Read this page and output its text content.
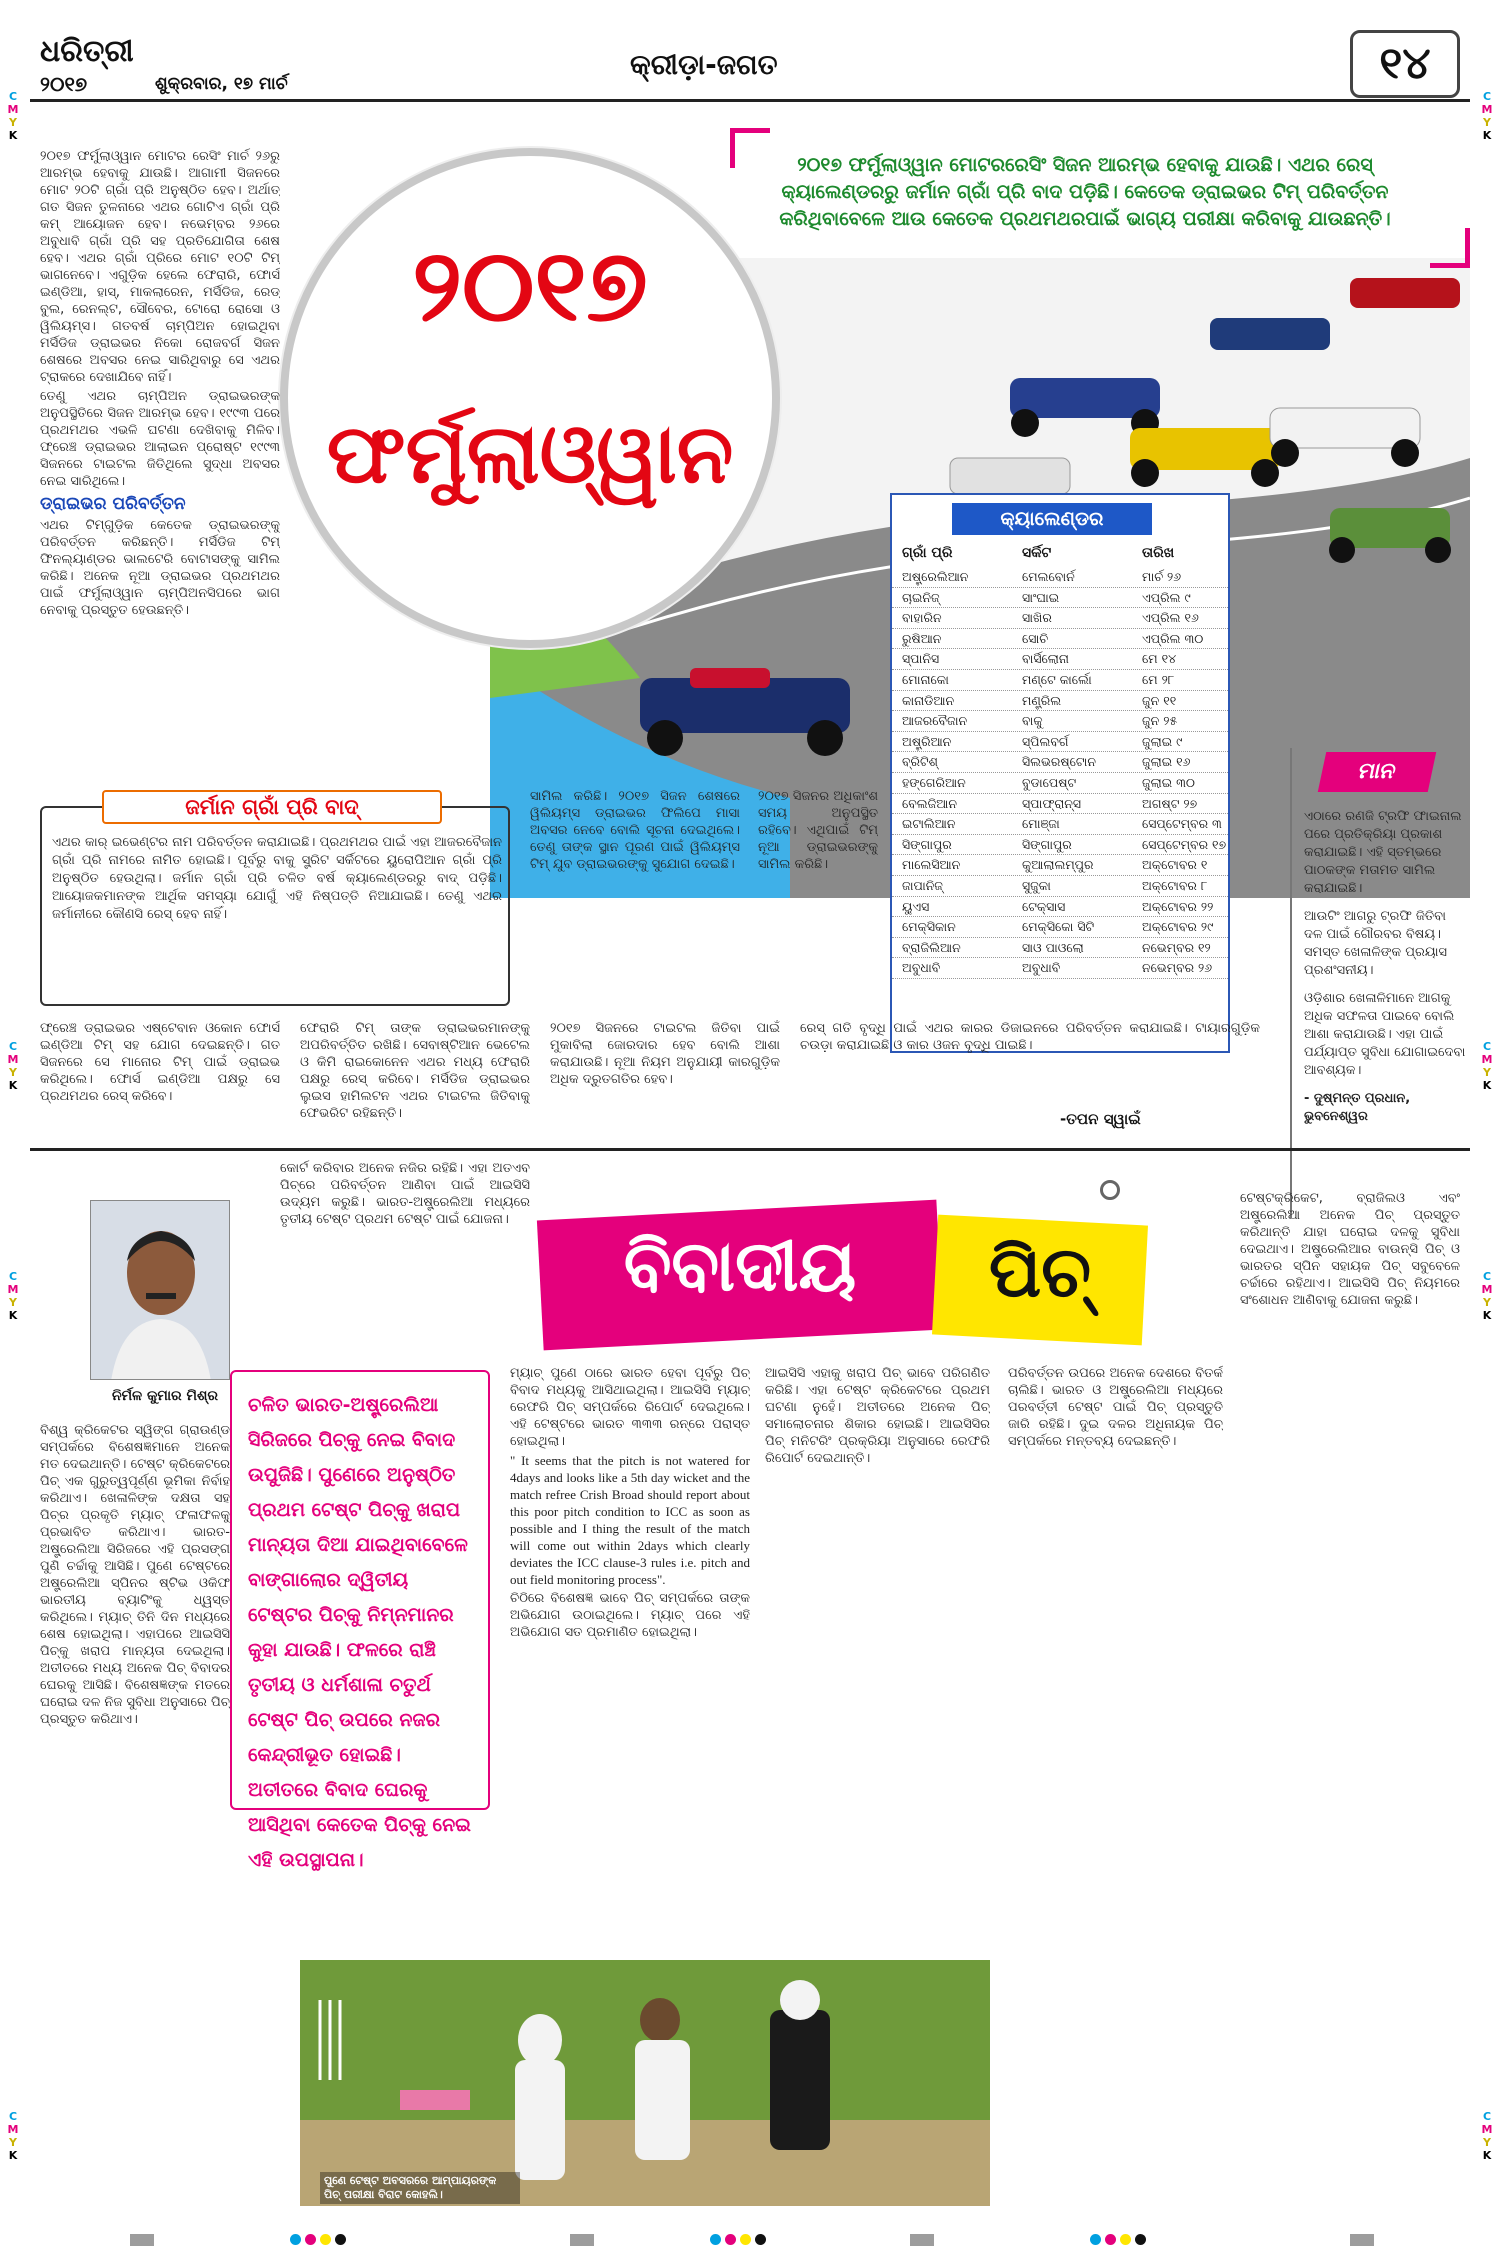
ଧରିତ୍ରୀ
୨୦୧୭	ଶୁକ୍ରବାର, ୧୭ ମାର୍ଚ
କ୍ରୀଡ଼ା-ଜଗତ	୧୪
C
M
Y
K
C
M
Y
K
C
M
Y
K
C
M
Y
K
C
M
Y
K
C
M
Y
K
C
M
Y
K
C
M
Y
K
୨୦୧୭
ଫର୍ମୁଲାଓ୍ୱାନ
୨୦୧୭ ଫର୍ମୁଲାଓ୍ୱାନ ମୋଟରରେସିଂ ସିଜନ ଆରମ୍ଭ ହେବାକୁ ଯାଉଛି। ଏଥର ରେସ୍ କ୍ୟାଲେଣ୍ଡରରୁ ଜର୍ମାନ ଗ୍ରାଁ ପ୍ରି ବାଦ ପଡ଼ିଛି। କେତେକ ଡ୍ରାଇଭର ଟିମ୍ ପରିବର୍ତ୍ତନ କରିଥିବାବେଳେ ଆଉ କେତେକ ପ୍ରଥମଥରପାଇଁ ଭାଗ୍ୟ ପରୀକ୍ଷା କରିବାକୁ ଯାଉଛନ୍ତି।

୨୦୧୭ ଫର୍ମୁଲାଓ୍ୱାନ ମୋଟର ରେସିଂ ମାର୍ଚ ୨୬ରୁ ଆରମ୍ଭ ହେବାକୁ ଯାଉଛି। ଆଗାମୀ ସିଜନରେ ମୋଟ ୨୦ଟି ଗ୍ରାଁ ପ୍ରି ଅନୁଷ୍ଠିତ ହେବ। ଅର୍ଥାତ୍ ଗତ ସିଜନ ତୁଳନାରେ ଏଥର ଗୋଟିଏ ଗ୍ରାଁ ପ୍ରି କମ୍ ଆୟୋଜନ ହେବ। ନଭେମ୍ବର ୨୬ରେ ଅବୁଧାବି ଗ୍ରାଁ ପ୍ରି ସହ ପ୍ରତିଯୋଗିତା ଶେଷ ହେବ। ଏଥର ଗ୍ରାଁ ପ୍ରିରେ ମୋଟ ୧୦ଟି ଟିମ୍ ଭାଗନେବେ। ଏଗୁଡ଼ିକ ହେଲେ ଫେରାରି, ଫୋର୍ସ ଇଣ୍ଡିଆ, ହାସ୍, ମାକଲାରେନ, ମର୍ସିଡିଜ, ରେଡ୍ ବୁଲ, ରେନଲ୍ଟ, ସୌବେର, ଟୋରୋ ରୋସୋ ଓ ୱିଲିୟମ୍ସ। ଗତବର୍ଷ ଚାମ୍ପିଅନ ହୋଇଥିବା ମର୍ସିଡିଜ ଡ୍ରାଇଭର ନିକୋ ରୋଜବର୍ଗ ସିଜନ ଶେଷରେ ଅବସର ନେଇ ସାରିଥିବାରୁ ସେ ଏଥର ଟ୍ରାକରେ ଦେଖାଯିବେ ନାହିଁ।

ତେଣୁ ଏଥର ଚାମ୍ପିଅନ ଡ୍ରାଇଭରଙ୍କ ଅନୁପସ୍ଥିତିରେ ସିଜନ ଆରମ୍ଭ ହେବ। ୧୯୯୩ ପରେ ପ୍ରଥମଥର ଏଭଳି ଘଟଣା ଦେଖିବାକୁ ମିଳିବ। ଫ୍ରେଞ୍ଚ ଡ୍ରାଇଭର ଆଲାଇନ ପ୍ରୋଷ୍ଟ ୧୯୯୩ ସିଜନରେ ଟାଇଟଲ ଜିତିଥିଲେ ସୁଦ୍ଧା ଅବସର ନେଇ ସାରିଥିଲେ।

ଡ୍ରାଇଭର ପରିବର୍ତ୍ତନ

ଏଥର ଟିମ୍‌ଗୁଡ଼ିକ କେତେକ ଡ୍ରାଇଭରଙ୍କୁ ପରିବର୍ତ୍ତନ କରିଛନ୍ତି। ମର୍ସିଡିଜ ଟିମ୍ ଫିନଲ୍ୟାଣ୍ଡର ଭାଲଟେରି ବୋଟାସଙ୍କୁ ସାମିଲ କରିଛି। ଅନେକ ନୂଆ ଡ୍ରାଇଭର ପ୍ରଥମଥର ପାଇଁ ଫର୍ମୁଲାଓ୍ୱାନ ଚାମ୍ପିଅନସିପରେ ଭାଗ ନେବାକୁ ପ୍ରସ୍ତୁତ ହେଉଛନ୍ତି।

ଜର୍ମାନ ଗ୍ରାଁ ପ୍ରି ବାଦ୍
ଏଥର କାର୍ ଇଭେଣ୍ଟର ନାମ ପରିବର୍ତ୍ତନ କରାଯାଇଛି। ପ୍ରଥମଥର ପାଇଁ ଏହା ଆଜରବୈଜାନ ଗ୍ରାଁ ପ୍ରି ନାମରେ ନାମିତ ହୋଇଛି। ପୂର୍ବରୁ ବାକୁ ସ୍ଟ୍ରିଟ ସର୍କିଟରେ ୟୁରୋପିଆନ ଗ୍ରାଁ ପ୍ରି ଅନୁଷ୍ଠିତ ହେଉଥିଲା। ଜର୍ମାନ ଗ୍ରାଁ ପ୍ରି ଚଳିତ ବର୍ଷ କ୍ୟାଲେଣ୍ଡରରୁ ବାଦ୍ ପଡ଼ିଛି। ଆୟୋଜକମାନଙ୍କ ଆର୍ଥିକ ସମସ୍ୟା ଯୋଗୁଁ ଏହି ନିଷ୍ପତ୍ତି ନିଆଯାଇଛି। ତେଣୁ ଏଥର ଜର୍ମାନୀରେ କୌଣସି ରେସ୍ ହେବ ନାହିଁ।

ସାମିଲ କରିଛି। ୨୦୧୭ ସିଜନ ଶେଷରେ ୱିଲିୟମ୍ସ ଡ୍ରାଇଭର ଫିଲିପେ ମାସା ଅବସର ନେବେ ବୋଲି ସୂଚନା ଦେଇଥିଲେ। ତେଣୁ ତାଙ୍କ ସ୍ଥାନ ପୂରଣ ପାଇଁ ୱିଲିୟମ୍ସ ଟିମ୍ ଯୁବ ଡ୍ରାଇଭରଙ୍କୁ ସୁଯୋଗ ଦେଇଛି।

୨୦୧୭ ସିଜନର ଅଧିକାଂଶ ସମୟ ଅନୁପସ୍ଥିତ ରହିବେ। ଏଥିପାଇଁ ଟିମ୍ ନୂଆ ଡ୍ରାଇଭରଙ୍କୁ ସାମିଲ କରିଛି।

କ୍ୟାଲେଣ୍ଡର
ଗ୍ରାଁ ପ୍ରି	ସର୍କିଟ	ତାରିଖ
ଅଷ୍ଟ୍ରେଲିଆନ	ମେଲବୋର୍ନ	ମାର୍ଚ ୨୬
ଚାଇନିଜ୍	ସାଂଘାଇ	ଏପ୍ରିଲ ୯
ବାହାରିନ	ସାଖିର	ଏପ୍ରିଲ ୧୬
ରୁଷିଆନ	ସୋଚି	ଏପ୍ରିଲ ୩୦
ସ୍ପାନିସ	ବାର୍ସିଲୋନା	ମେ ୧୪
ମୋନାକୋ	ମଣ୍ଟେ କାର୍ଲୋ	ମେ ୨୮
କାନାଡିଆନ	ମଣ୍ଟ୍ରିଲ	ଜୁନ ୧୧
ଆଜରବୈଜାନ	ବାକୁ	ଜୁନ ୨୫
ଅଷ୍ଟ୍ରିଆନ	ସ୍ପିଲବର୍ଗ	ଜୁଲାଇ ୯
ବ୍ରିଟିଶ୍	ସିଲଭରଷ୍ଟୋନ	ଜୁଲାଇ ୧୬
ହଙ୍ଗେରିଆନ	ବୁଡାପେଷ୍ଟ	ଜୁଲାଇ ୩୦
ବେଲଜିଆନ	ସ୍ପାଫ୍ରାନ୍ସ	ଅଗଷ୍ଟ ୨୭
ଇଟାଲିଆନ	ମୋଞ୍ଜା	ସେପ୍ଟେମ୍ବର ୩
ସିଙ୍ଗାପୁର	ସିଙ୍ଗାପୁର	ସେପ୍ଟେମ୍ବର ୧୭
ମାଲେସିଆନ	କୁଆଲାଲମ୍ପୁର	ଅକ୍ଟୋବର ୧
ଜାପାନିଜ୍	ସୁଜୁକା	ଅକ୍ଟୋବର ୮
ୟୁଏସ	ଟେକ୍ସାସ	ଅକ୍ଟୋବର ୨୨
ମେକ୍ସିକାନ	ମେକ୍ସିକୋ ସିଟି	ଅକ୍ଟୋବର ୨୯
ବ୍ରାଜିଲିଆନ	ସାଓ ପାଓଲୋ	ନଭେମ୍ବର ୧୨
ଅବୁଧାବି	ଅବୁଧାବି	ନଭେମ୍ବର ୨୬
ମାନ

ଏଠାରେ ରଣଜି ଟ୍ରଫି ଫାଇନାଲ ପରେ ପ୍ରତିକ୍ରିୟା ପ୍ରକାଶ କରାଯାଇଛି। ଏହି ସ୍ତମ୍ଭରେ ପାଠକଙ୍କ ମତାମତ ସାମିଲ କରାଯାଇଛି।

ଆଉଟିଂ ଆଗରୁ ଟ୍ରଫି ଜିତିବା ଦଳ ପାଇଁ ଗୌରବର ବିଷୟ। ସମସ୍ତ ଖେଳାଳିଙ୍କ ପ୍ରୟାସ ପ୍ରଶଂସନୀୟ।

ଓଡ଼ିଶାର ଖେଳାଳିମାନେ ଆଗକୁ ଅଧିକ ସଫଳତା ପାଇବେ ବୋଲି ଆଶା କରାଯାଉଛି। ଏହା ପାଇଁ ପର୍ଯ୍ୟାପ୍ତ ସୁବିଧା ଯୋଗାଇଦେବା ଆବଶ୍ୟକ।

- ଦୁଷ୍ମନ୍ତ ପ୍ରଧାନ, ଭୁବନେଶ୍ୱର

ଫ୍ରେଞ୍ଚ ଡ୍ରାଇଭର ଏଷ୍ଟେବାନ ଓକୋନ ଫୋର୍ସ ଇଣ୍ଡିଆ ଟିମ୍ ସହ ଯୋଗ ଦେଇଛନ୍ତି। ଗତ ସିଜନରେ ସେ ମାନୋର ଟିମ୍ ପାଇଁ ଡ୍ରାଇଭ କରିଥିଲେ। ଫୋର୍ସ ଇଣ୍ଡିଆ ପକ୍ଷରୁ ସେ ପ୍ରଥମଥର ରେସ୍ କରିବେ।

ଫେରାରି ଟିମ୍ ତାଙ୍କ ଡ୍ରାଇଭରମାନଙ୍କୁ ଅପରିବର୍ତ୍ତିତ ରଖିଛି। ସେବାଷ୍ଟିଆନ ଭେଟେଲ ଓ କିମି ରାଇକୋନେନ ଏଥର ମଧ୍ୟ ଫେରାରି ପକ୍ଷରୁ ରେସ୍ କରିବେ। ମର୍ସିଡିଜ ଡ୍ରାଇଭର ଲୁଇସ ହାମିଲଟନ ଏଥର ଟାଇଟଲ ଜିତିବାକୁ ଫେଭରିଟ ରହିଛନ୍ତି।

୨୦୧୭ ସିଜନରେ ଟାଇଟଲ ଜିତିବା ପାଇଁ ମୁକାବିଲା ଜୋରଦାର ହେବ ବୋଲି ଆଶା କରାଯାଉଛି। ନୂଆ ନିୟମ ଅନୁଯାୟୀ କାରଗୁଡ଼ିକ ଅଧିକ ଦ୍ରୁତଗତିର ହେବ।

ରେସ୍ ଗତି ବୃଦ୍ଧି ପାଇଁ ଏଥର କାରର ଡିଜାଇନରେ ପରିବର୍ତ୍ତନ କରାଯାଇଛି। ଟାୟାରଗୁଡ଼ିକ ଚଉଡ଼ା କରାଯାଇଛି ଓ କାର ଓଜନ ବୃଦ୍ଧି ପାଇଛି।

-ତପନ ସ୍ୱାଇଁ
ନିର୍ମଳ କୁମାର ମିଶ୍ର

ବିଶ୍ୱ କ୍ରିକେଟର ସ୍ୱିଙ୍ଗ ଗ୍ରାଉଣ୍ଡ ସମ୍ପର୍କରେ ବିଶେଷଜ୍ଞମାନେ ଅନେକ ମତ ଦେଇଥାନ୍ତି। ଟେଷ୍ଟ କ୍ରିକେଟରେ ପିଚ୍ ଏକ ଗୁରୁତ୍ୱପୂର୍ଣ୍ଣ ଭୂମିକା ନିର୍ବାହ କରିଥାଏ। ଖେଳାଳିଙ୍କ ଦକ୍ଷତା ସହ ପିଚ୍‌ର ପ୍ରକୃତି ମ୍ୟାଚ୍ ଫଳାଫଳକୁ ପ୍ରଭାବିତ କରିଥାଏ। ଭାରତ-ଅଷ୍ଟ୍ରେଲିଆ ସିରିଜରେ ଏହି ପ୍ରସଙ୍ଗ ପୁଣି ଚର୍ଚ୍ଚାକୁ ଆସିଛି। ପୁଣେ ଟେଷ୍ଟରେ ଅଷ୍ଟ୍ରେଲିଆ ସ୍ପିନର ଷ୍ଟିଭ ଓକିଫ ଭାରତୀୟ ବ୍ୟାଟିଂକୁ ଧ୍ୱସ୍ତ କରିଥିଲେ। ମ୍ୟାଚ୍ ତିନି ଦିନ ମଧ୍ୟରେ ଶେଷ ହୋଇଥିଲା। ଏହାପରେ ଆଇସିସି ପିଚ୍‌କୁ ଖରାପ ମାନ୍ୟତା ଦେଇଥିଲା। ଅତୀତରେ ମଧ୍ୟ ଅନେକ ପିଚ୍ ବିବାଦର ଘେରକୁ ଆସିଛି। ବିଶେଷଜ୍ଞଙ୍କ ମତରେ ଘରୋଇ ଦଳ ନିଜ ସୁବିଧା ଅନୁସାରେ ପିଚ୍ ପ୍ରସ୍ତୁତ କରିଥାଏ।

ଚଳିତ ଭାରତ-ଅଷ୍ଟ୍ରେଲିଆ ସିରିଜରେ ପିଚ୍‌କୁ ନେଇ ବିବାଦ ଉପୁଜିଛି। ପୁଣେରେ ଅନୁଷ୍ଠିତ ପ୍ରଥମ ଟେଷ୍ଟ ପିଚ୍‌କୁ ଖରାପ ମାନ୍ୟତା ଦିଆ ଯାଇଥିବାବେଳେ ବାଙ୍ଗାଲୋର ଦ୍ୱିତୀୟ ଟେଷ୍ଟର ପିଚ୍‌କୁ ନିମ୍ନମାନର କୁହା ଯାଉଛି। ଫଳରେ ରାଞ୍ଚି ତୃତୀୟ ଓ ଧର୍ମଶାଳା ଚତୁର୍ଥ ଟେଷ୍ଟ ପିଚ୍ ଉପରେ ନଜର କେନ୍ଦ୍ରୀଭୂତ ହୋଇଛି। ଅତୀତରେ ବିବାଦ ଘେରକୁ ଆସିଥିବା କେତେକ ପିଚ୍‌କୁ ନେଇ ଏହି ଉପସ୍ଥାପନା।

କୋର୍ଟ କରିବାର ଅନେକ ନଜିର ରହିଛି। ଏହା ଅତଏବ ପିଚ୍‌ରେ ପରିବର୍ତ୍ତନ ଆଣିବା ପାଇଁ ଆଇସିସି ଉଦ୍ୟମ କରୁଛି। ଭାରତ-ଅଷ୍ଟ୍ରେଲିଆ ମଧ୍ୟରେ ତୃତୀୟ ଟେଷ୍ଟ ପ୍ରଥମ ଟେଷ୍ଟ ପାଇଁ ଯୋଜନା।

ବିବାଦୀୟ	ପିଚ୍

ମ୍ୟାଚ୍ ପୁଣେ ଠାରେ ଭାରତ ହେବା ପୂର୍ବରୁ ପିଚ୍ ବିବାଦ ମଧ୍ୟକୁ ଆସିଥାଇଥିଲା। ଆଇସିସି ମ୍ୟାଚ୍ ରେଫରି ପିଚ୍ ସମ୍ପର୍କରେ ରିପୋର୍ଟ ଦେଇଥିଲେ। ଏହି ଟେଷ୍ଟରେ ଭାରତ ୩୩୩ ରନ୍‌ରେ ପରାସ୍ତ ହୋଇଥିଲା।

" It seems that the pitch is not watered for 4days and looks like a 5th day wicket and the match refree Crish Broad should report about this poor pitch condition to ICC as soon as possible and I thing the result of the match will come out within 2days which clearly deviates the ICC clause-3 rules i.e. pitch and out field monitoring process".

ଚିଠିରେ ବିଶେଷଜ୍ଞ ଭାବେ ପିଚ୍ ସମ୍ପର୍କରେ ତାଙ୍କ ଅଭିଯୋଗ ଉଠାଇଥିଲେ। ମ୍ୟାଚ୍ ପରେ ଏହି ଅଭିଯୋଗ ସତ ପ୍ରମାଣିତ ହୋଇଥିଲା।

ଆଇସିସି ଏହାକୁ ଖରାପ ପିଚ୍ ଭାବେ ପରିଗଣିତ କରିଛି। ଏହା ଟେଷ୍ଟ କ୍ରିକେଟରେ ପ୍ରଥମ ଘଟଣା ନୁହେଁ। ଅତୀତରେ ଅନେକ ପିଚ୍ ସମାଲୋଚନାର ଶିକାର ହୋଇଛି। ଆଇସିସିର ପିଚ୍ ମନିଟରିଂ ପ୍ରକ୍ରିୟା ଅନୁସାରେ ରେଫରି ରିପୋର୍ଟ ଦେଇଥାନ୍ତି।

ପରିବର୍ତ୍ତନ ଉପରେ ଅନେକ ଦେଶରେ ବିତର୍କ ଚାଲିଛି। ଭାରତ ଓ ଅଷ୍ଟ୍ରେଲିଆ ମଧ୍ୟରେ ପରବର୍ତ୍ତୀ ଟେଷ୍ଟ ପାଇଁ ପିଚ୍ ପ୍ରସ୍ତୁତି ଜାରି ରହିଛି। ଦୁଇ ଦଳର ଅଧିନାୟକ ପିଚ୍ ସମ୍ପର୍କରେ ମନ୍ତବ୍ୟ ଦେଇଛନ୍ତି।

ଟେଷ୍ଟକ୍ରିକେଟ, ବ୍ରାଜିଲଓ ଏବଂ ଅଷ୍ଟ୍ରେଲିଆ ଅନେକ ପିଚ୍ ପ୍ରସ୍ତୁତ କରିଥାନ୍ତି ଯାହା ଘରୋଇ ଦଳକୁ ସୁବିଧା ଦେଇଥାଏ। ଅଷ୍ଟ୍ରେଲିଆର ବାଉନ୍ସି ପିଚ୍ ଓ ଭାରତର ସ୍ପିନ ସହାୟକ ପିଚ୍ ସବୁବେଳେ ଚର୍ଚ୍ଚାରେ ରହିଥାଏ। ଆଇସିସି ପିଚ୍ ନିୟମରେ ସଂଶୋଧନ ଆଣିବାକୁ ଯୋଜନା କରୁଛି।

ପୁଣେ ଟେଷ୍ଟ ଅବସରରେ ଆମ୍ପାୟରଙ୍କ ପିଚ୍ ପରୀକ୍ଷା ବିରାଟ କୋହଲି।
